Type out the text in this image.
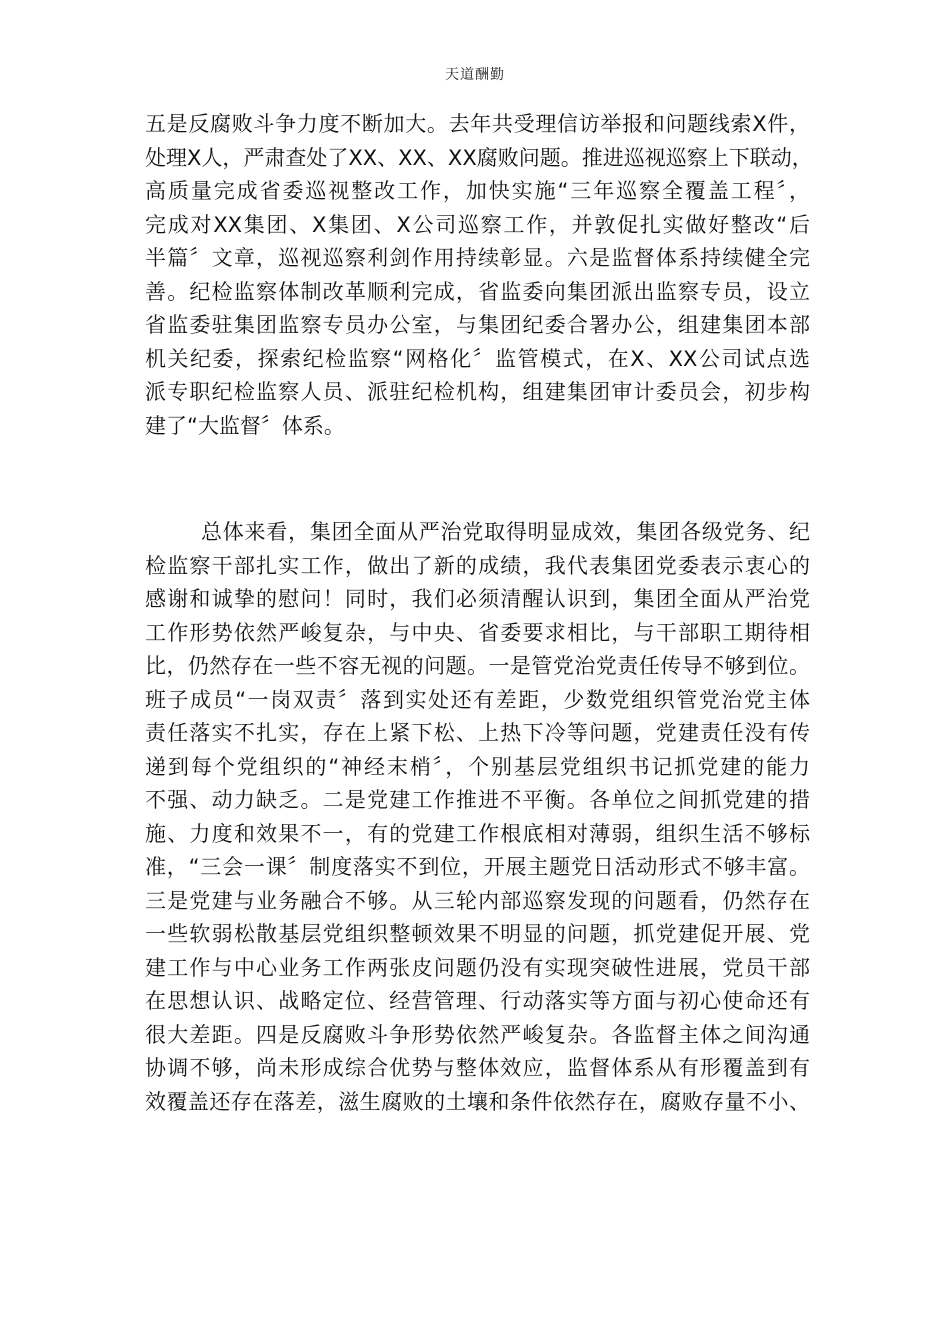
天道酬勤
五是反腐败斗争力度不断加大。去年共受理信访举报和问题线索X件，
处理X人，严肃查处了XX、XX、XX腐败问题。推进巡视巡察上下联动，
高质量完成省委巡视整改工作，加快实施“三年巡察全覆盖工程〞，
完成对XX集团、X集团、X公司巡察工作，并敦促扎实做好整改“后
半篇〞文章，巡视巡察利剑作用持续彰显。六是监督体系持续健全完
善。纪检监察体制改革顺利完成，省监委向集团派出监察专员，设立
省监委驻集团监察专员办公室，与集团纪委合署办公，组建集团本部
机关纪委，探索纪检监察“网格化〞监管模式，在X、XX公司试点选
派专职纪检监察人员、派驻纪检机构，组建集团审计委员会，初步构
建了“大监督〞体系。
总体来看，集团全面从严治党取得明显成效，集团各级党务、纪
检监察干部扎实工作，做出了新的成绩，我代表集团党委表示衷心的
感谢和诚挚的慰问！同时，我们必须清醒认识到，集团全面从严治党
工作形势依然严峻复杂，与中央、省委要求相比，与干部职工期待相
比，仍然存在一些不容无视的问题。一是管党治党责任传导不够到位。
班子成员“一岗双责〞落到实处还有差距，少数党组织管党治党主体
责任落实不扎实，存在上紧下松、上热下冷等问题，党建责任没有传
递到每个党组织的“神经末梢〞，个别基层党组织书记抓党建的能力
不强、动力缺乏。二是党建工作推进不平衡。各单位之间抓党建的措
施、力度和效果不一，有的党建工作根底相对薄弱，组织生活不够标
准，“三会一课〞制度落实不到位，开展主题党日活动形式不够丰富。
三是党建与业务融合不够。从三轮内部巡察发现的问题看，仍然存在
一些软弱松散基层党组织整顿效果不明显的问题，抓党建促开展、党
建工作与中心业务工作两张皮问题仍没有实现突破性进展，党员干部
在思想认识、战略定位、经营管理、行动落实等方面与初心使命还有
很大差距。四是反腐败斗争形势依然严峻复杂。各监督主体之间沟通
协调不够，尚未形成综合优势与整体效应，监督体系从有形覆盖到有
效覆盖还存在落差，滋生腐败的土壤和条件依然存在，腐败存量不小、
